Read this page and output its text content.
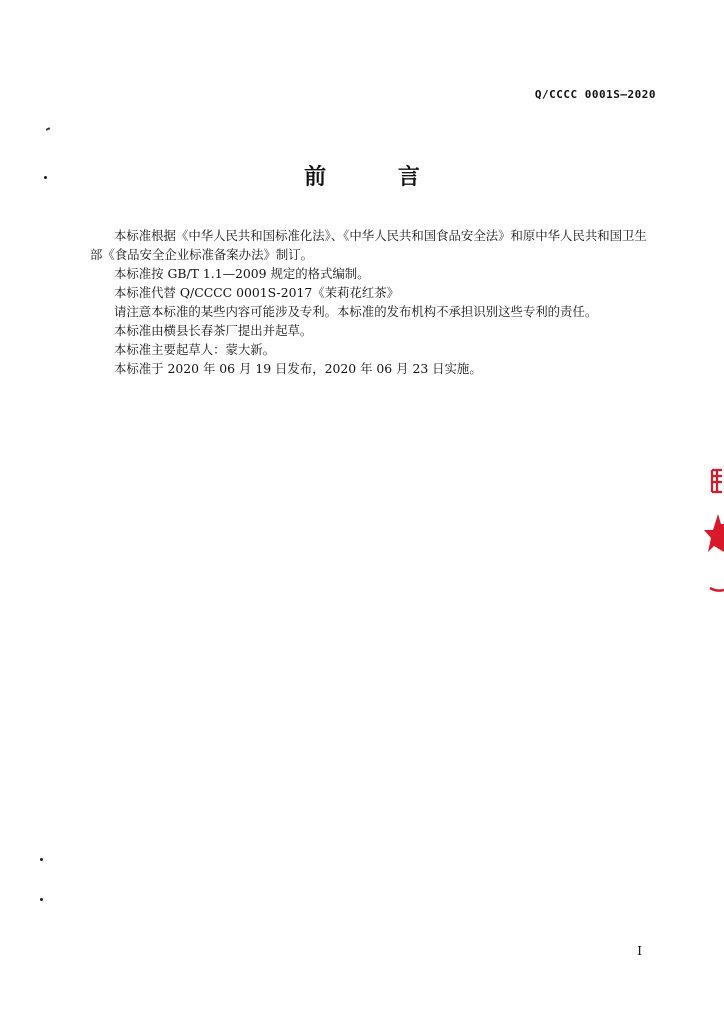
Q/CCCC 0001S—2020
前 言

本标准根据《中华人民共和国标准化法》、《中华人民共和国食品安全法》和原中华人民共和国卫生

部《食品安全企业标准备案办法》制订。

本标准按 GB/T 1.1—2009 规定的格式编制。

本标准代替 Q/CCCC 0001S-2017《茉莉花红茶》

请注意本标准的某些内容可能涉及专利。本标准的发布机构不承担识别这些专利的责任。

本标准由横县长春茶厂提出并起草。

本标准主要起草人：蒙大新。

本标准于 2020 年 06 月 19 日发布，2020 年 06 月 23 日实施。

I
